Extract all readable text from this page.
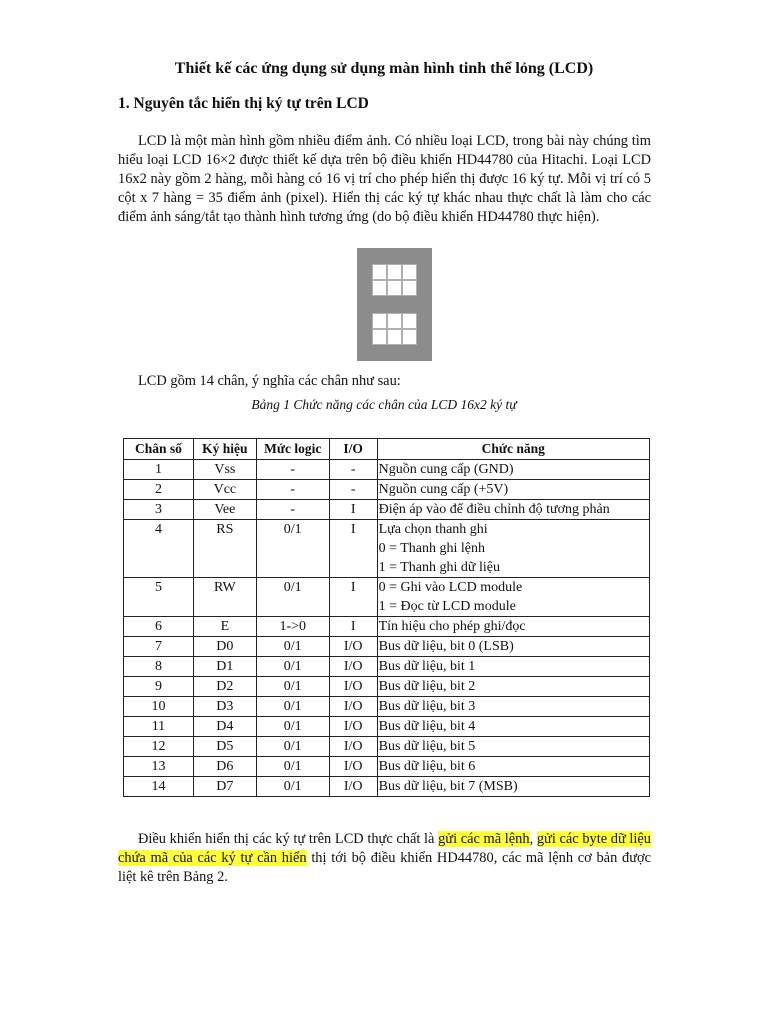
Thiết kế các ứng dụng sử dụng màn hình tinh thể lỏng (LCD)
1. Nguyên tắc hiển thị ký tự trên LCD

LCD là một màn hình gồm nhiều điểm ảnh. Có nhiều loại LCD, trong bài này chúng tìm hiểu loại LCD 16×2 được thiết kế dựa trên bộ điều khiển HD44780 của Hitachi. Loại LCD 16x2 này gồm 2 hàng, mỗi hàng có 16 vị trí cho phép hiển thị được 16 ký tự. Mỗi vị trí có 5 cột x 7 hàng = 35 điểm ảnh (pixel). Hiển thị các ký tự khác nhau thực chất là làm cho các điểm ảnh sáng/tắt tạo thành hình tương ứng (do bộ điều khiển HD44780 thực hiện).

LCD gồm 14 chân, ý nghĩa các chân như sau:

Bảng 1 Chức năng các chân của LCD 16x2 ký tự
Chân số	Ký hiệu	Mức logic	I/O	Chức năng
1	Vss	-	-	Nguồn cung cấp (GND)

2	Vcc	-	-	Nguồn cung cấp (+5V)

3	Vee	-	I	Điện áp vào để điều chỉnh độ tương phản

4	RS	0/1	I	Lựa chọn thanh ghi
0 = Thanh ghi lệnh
1 = Thanh ghi dữ liệu

5	RW	0/1	I	0 = Ghi vào LCD module
1 = Đọc từ LCD module

6	E	1->0	I	Tín hiệu cho phép ghi/đọc

7	D0	0/1	I/O	Bus dữ liệu, bit 0 (LSB)

8	D1	0/1	I/O	Bus dữ liệu, bit 1

9	D2	0/1	I/O	Bus dữ liệu, bit 2

10	D3	0/1	I/O	Bus dữ liệu, bit 3

11	D4	0/1	I/O	Bus dữ liệu, bit 4

12	D5	0/1	I/O	Bus dữ liệu, bit 5

13	D6	0/1	I/O	Bus dữ liệu, bit 6

14	D7	0/1	I/O	Bus dữ liệu, bit 7 (MSB)

Điều khiển hiển thị các ký tự trên LCD thực chất là gửi các mã lệnh, gửi các byte dữ liệu chứa mã của các ký tự cần hiển thị tới bộ điều khiển HD44780, các mã lệnh cơ bản được liệt kê trên Bảng 2.
